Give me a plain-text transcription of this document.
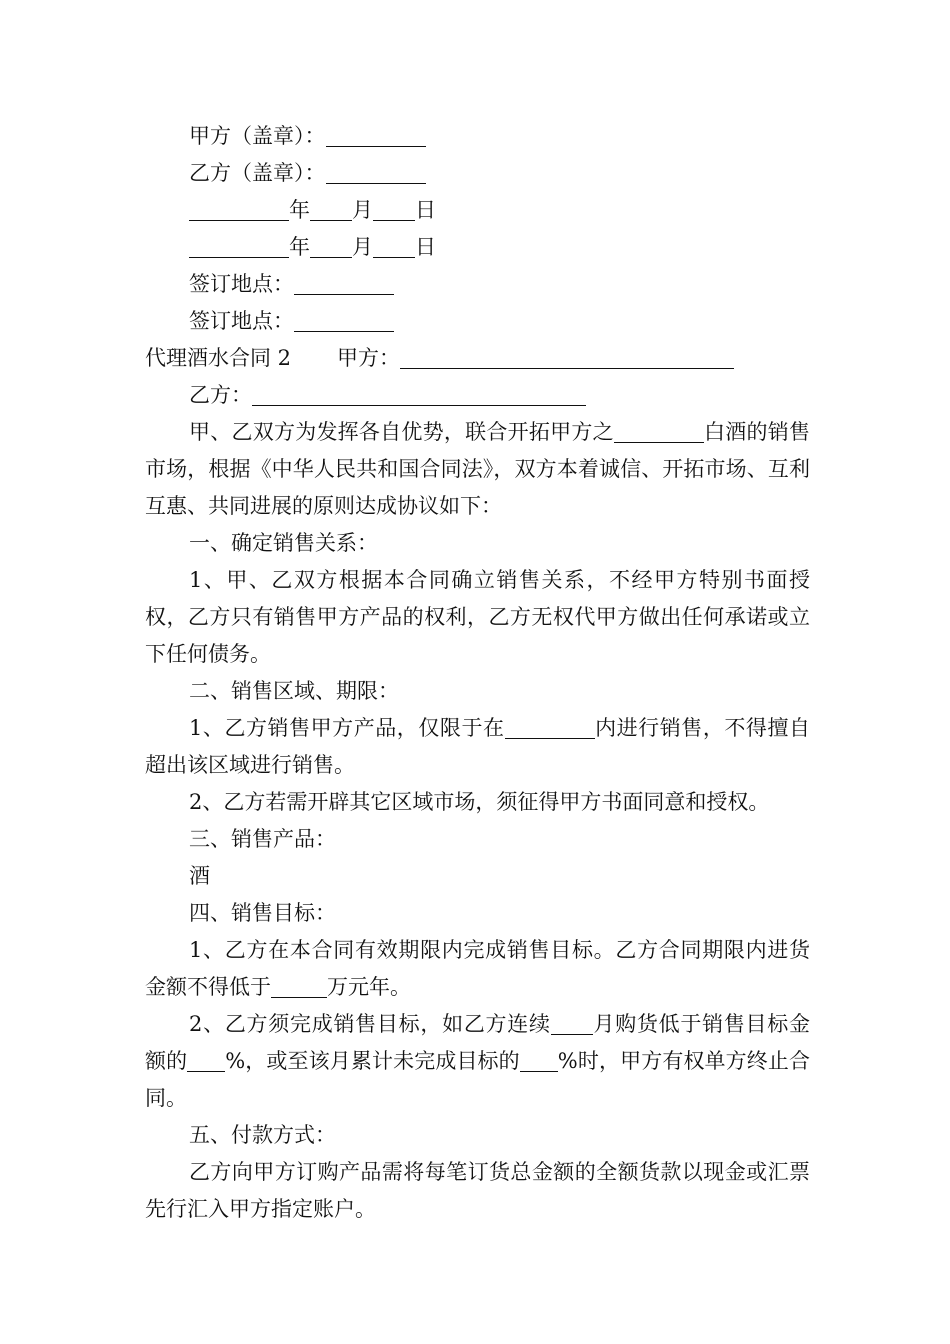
甲方（盖章）：
乙方（盖章）：
年 月 日
年 月 日
签订地点：
签订地点：
代理酒水合同 2 甲方：
乙方：

甲、乙双方为发挥各自优势，联合开拓甲方之	白酒的销售市场，根据《中华人民共和国合同法》，双方本着诚信、开拓市场、互利互惠、共同进展的原则达成协议如下：

一、确定销售关系：

1、甲、乙双方根据本合同确立销售关系，不经甲方特别书面授权，乙方只有销售甲方产品的权利，乙方无权代甲方做出任何承诺或立下任何债务。

二、销售区域、期限：

1、乙方销售甲方产品，仅限于在	内进行销售，不得擅自超出该区域进行销售。

2、乙方若需开辟其它区域市场，须征得甲方书面同意和授权。

三、销售产品：

酒

四、销售目标：

1、乙方在本合同有效期限内完成销售目标。乙方合同期限内进货金额不得低于	万元年。

2、乙方须完成销售目标，如乙方连续 月购货低于销售目标金额的 %，或至该月累计未完成目标的 %时，甲方有权单方终止合同。

五、付款方式：

乙方向甲方订购产品需将每笔订货总金额的全额货款以现金或汇票先行汇入甲方指定账户。
